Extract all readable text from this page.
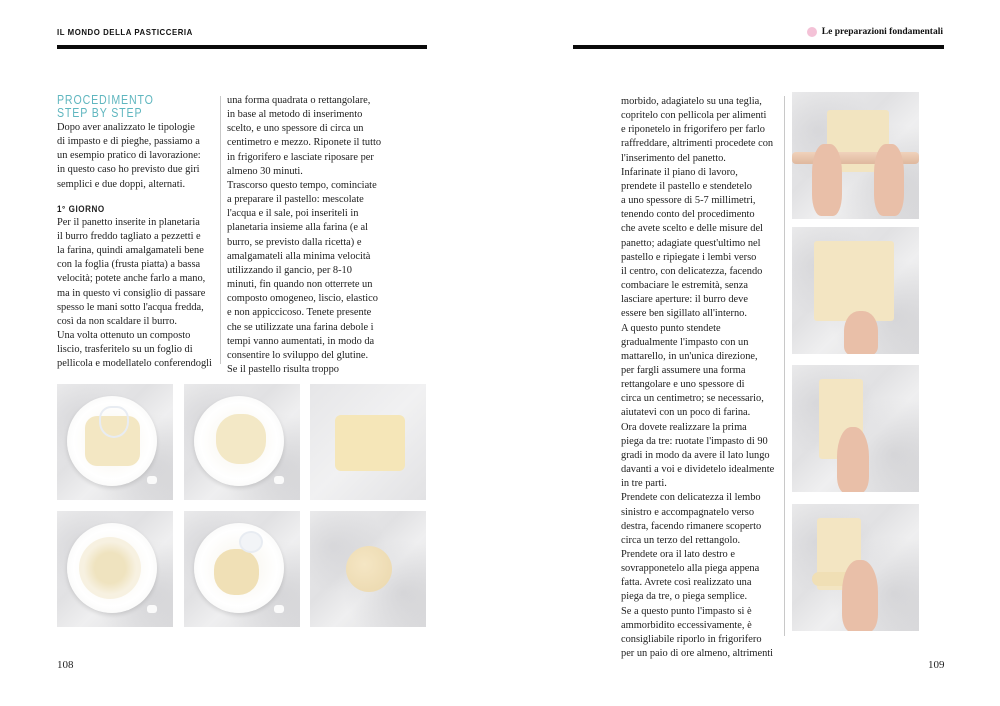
IL MONDO DELLA PASTICCERIA
PROCEDIMENTO
STEP BY STEP

Dopo aver analizzato le tipologie

di impasto e di pieghe, passiamo a

un esempio pratico di lavorazione:

in questo caso ho previsto due giri

semplici e due doppi, alternati.

1° GIORNO

Per il panetto inserite in planetaria

il burro freddo tagliato a pezzetti e

la farina, quindi amalgamateli bene

con la foglia (frusta piatta) a bassa

velocità; potete anche farlo a mano,

ma in questo vi consiglio di passare

spesso le mani sotto l'acqua fredda,

così da non scaldare il burro.

Una volta ottenuto un composto

liscio, trasferitelo su un foglio di

pellicola e modellatelo conferendogli

una forma quadrata o rettangolare,

in base al metodo di inserimento

scelto, e uno spessore di circa un

centimetro e mezzo. Riponete il tutto

in frigorifero e lasciate riposare per

almeno 30 minuti.

Trascorso questo tempo, cominciate

a preparare il pastello: mescolate

l'acqua e il sale, poi inseriteli in

planetaria insieme alla farina (e al

burro, se previsto dalla ricetta) e

amalgamateli alla minima velocità

utilizzando il gancio, per 8-10

minuti, fin quando non otterrete un

composto omogeneo, liscio, elastico

e non appiccicoso. Tenete presente

che se utilizzate una farina debole i

tempi vanno aumentati, in modo da

consentire lo sviluppo del glutine.

Se il pastello risulta troppo

108
Le preparazioni fondamentali

morbido, adagiatelo su una teglia,

copritelo con pellicola per alimenti

e riponetelo in frigorifero per farlo

raffreddare, altrimenti procedete con

l'inserimento del panetto.

Infarinate il piano di lavoro,

prendete il pastello e stendetelo

a uno spessore di 5-7 millimetri,

tenendo conto del procedimento

che avete scelto e delle misure del

panetto; adagiate quest'ultimo nel

pastello e ripiegate i lembi verso

il centro, con delicatezza, facendo

combaciare le estremità, senza

lasciare aperture: il burro deve

essere ben sigillato all'interno.

A questo punto stendete

gradualmente l'impasto con un

mattarello, in un'unica direzione,

per fargli assumere una forma

rettangolare e uno spessore di

circa un centimetro; se necessario,

aiutatevi con un poco di farina.

Ora dovete realizzare la prima

piega da tre: ruotate l'impasto di 90

gradi in modo da avere il lato lungo

davanti a voi e dividetelo idealmente

in tre parti.

Prendete con delicatezza il lembo

sinistro e accompagnatelo verso

destra, facendo rimanere scoperto

circa un terzo del rettangolo.

Prendete ora il lato destro e

sovrapponetelo alla piega appena

fatta. Avrete così realizzato una

piega da tre, o piega semplice.

Se a questo punto l'impasto si è

ammorbidito eccessivamente, è

consigliabile riporlo in frigorifero

per un paio di ore almeno, altrimenti

109
